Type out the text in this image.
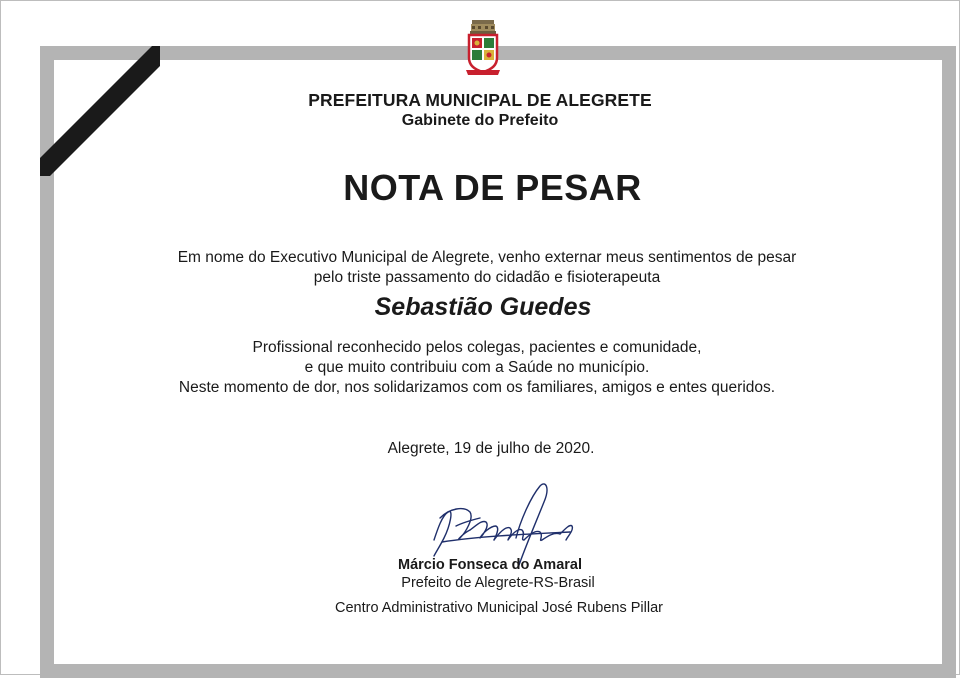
PREFEITURA MUNICIPAL DE ALEGRETE
Gabinete do Prefeito
NOTA DE PESAR
Em nome do Executivo Municipal de Alegrete, venho externar meus sentimentos de pesar
pelo triste passamento do cidadão e fisioterapeuta
Sebastião Guedes
Profissional reconhecido pelos colegas, pacientes e comunidade,
e que muito contribuiu com a Saúde no município.
Neste momento de dor, nos solidarizamos com os familiares, amigos e entes queridos.
Alegrete, 19 de julho de 2020.
Márcio Fonseca do Amaral
Prefeito de Alegrete-RS-Brasil
Centro Administrativo Municipal José Rubens Pillar
